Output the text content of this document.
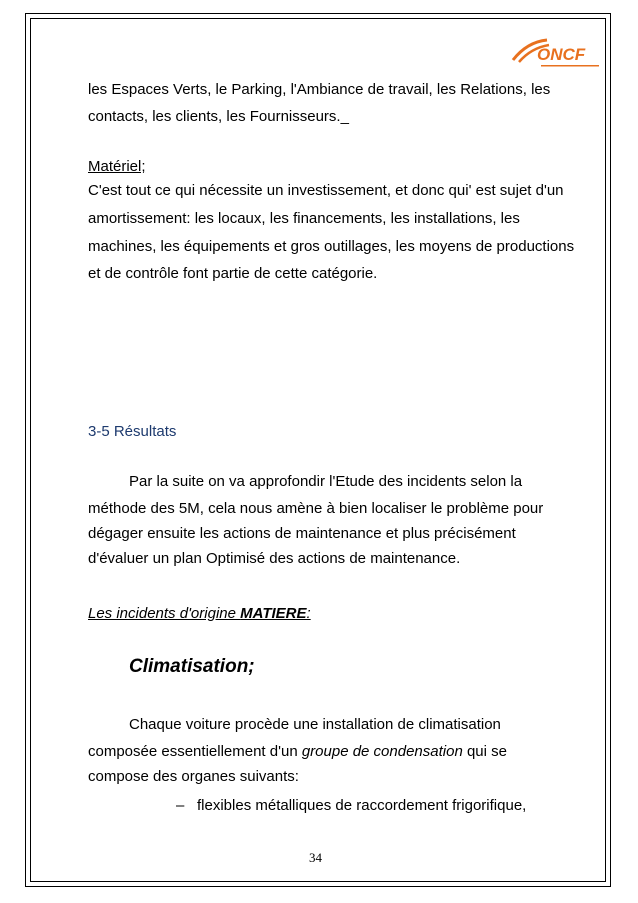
ONCF
les Espaces Verts, le Parking, l'Ambiance de travail, les Relations, les
contacts, les clients, les Fournisseurs._
Matériel;
C'est tout ce qui nécessite un investissement, et donc qui' est sujet d'un
amortissement: les locaux, les financements, les installations, les
machines, les équipements et gros outillages, les moyens de productions
et de contrôle font partie de cette catégorie.
3-5 Résultats
Par la suite on va approfondir l'Etude des incidents selon la
méthode des 5M, cela nous amène à bien localiser le problème pour
dégager ensuite les actions de maintenance et plus précisément
d'évaluer un plan Optimisé des actions de maintenance.
Les incidents d'origine MATIERE:
Climatisation;
Chaque voiture procède une installation de climatisation
composée essentiellement d'un groupe de condensation qui se
compose des organes suivants:
– flexibles métalliques de raccordement frigorifique,
34
